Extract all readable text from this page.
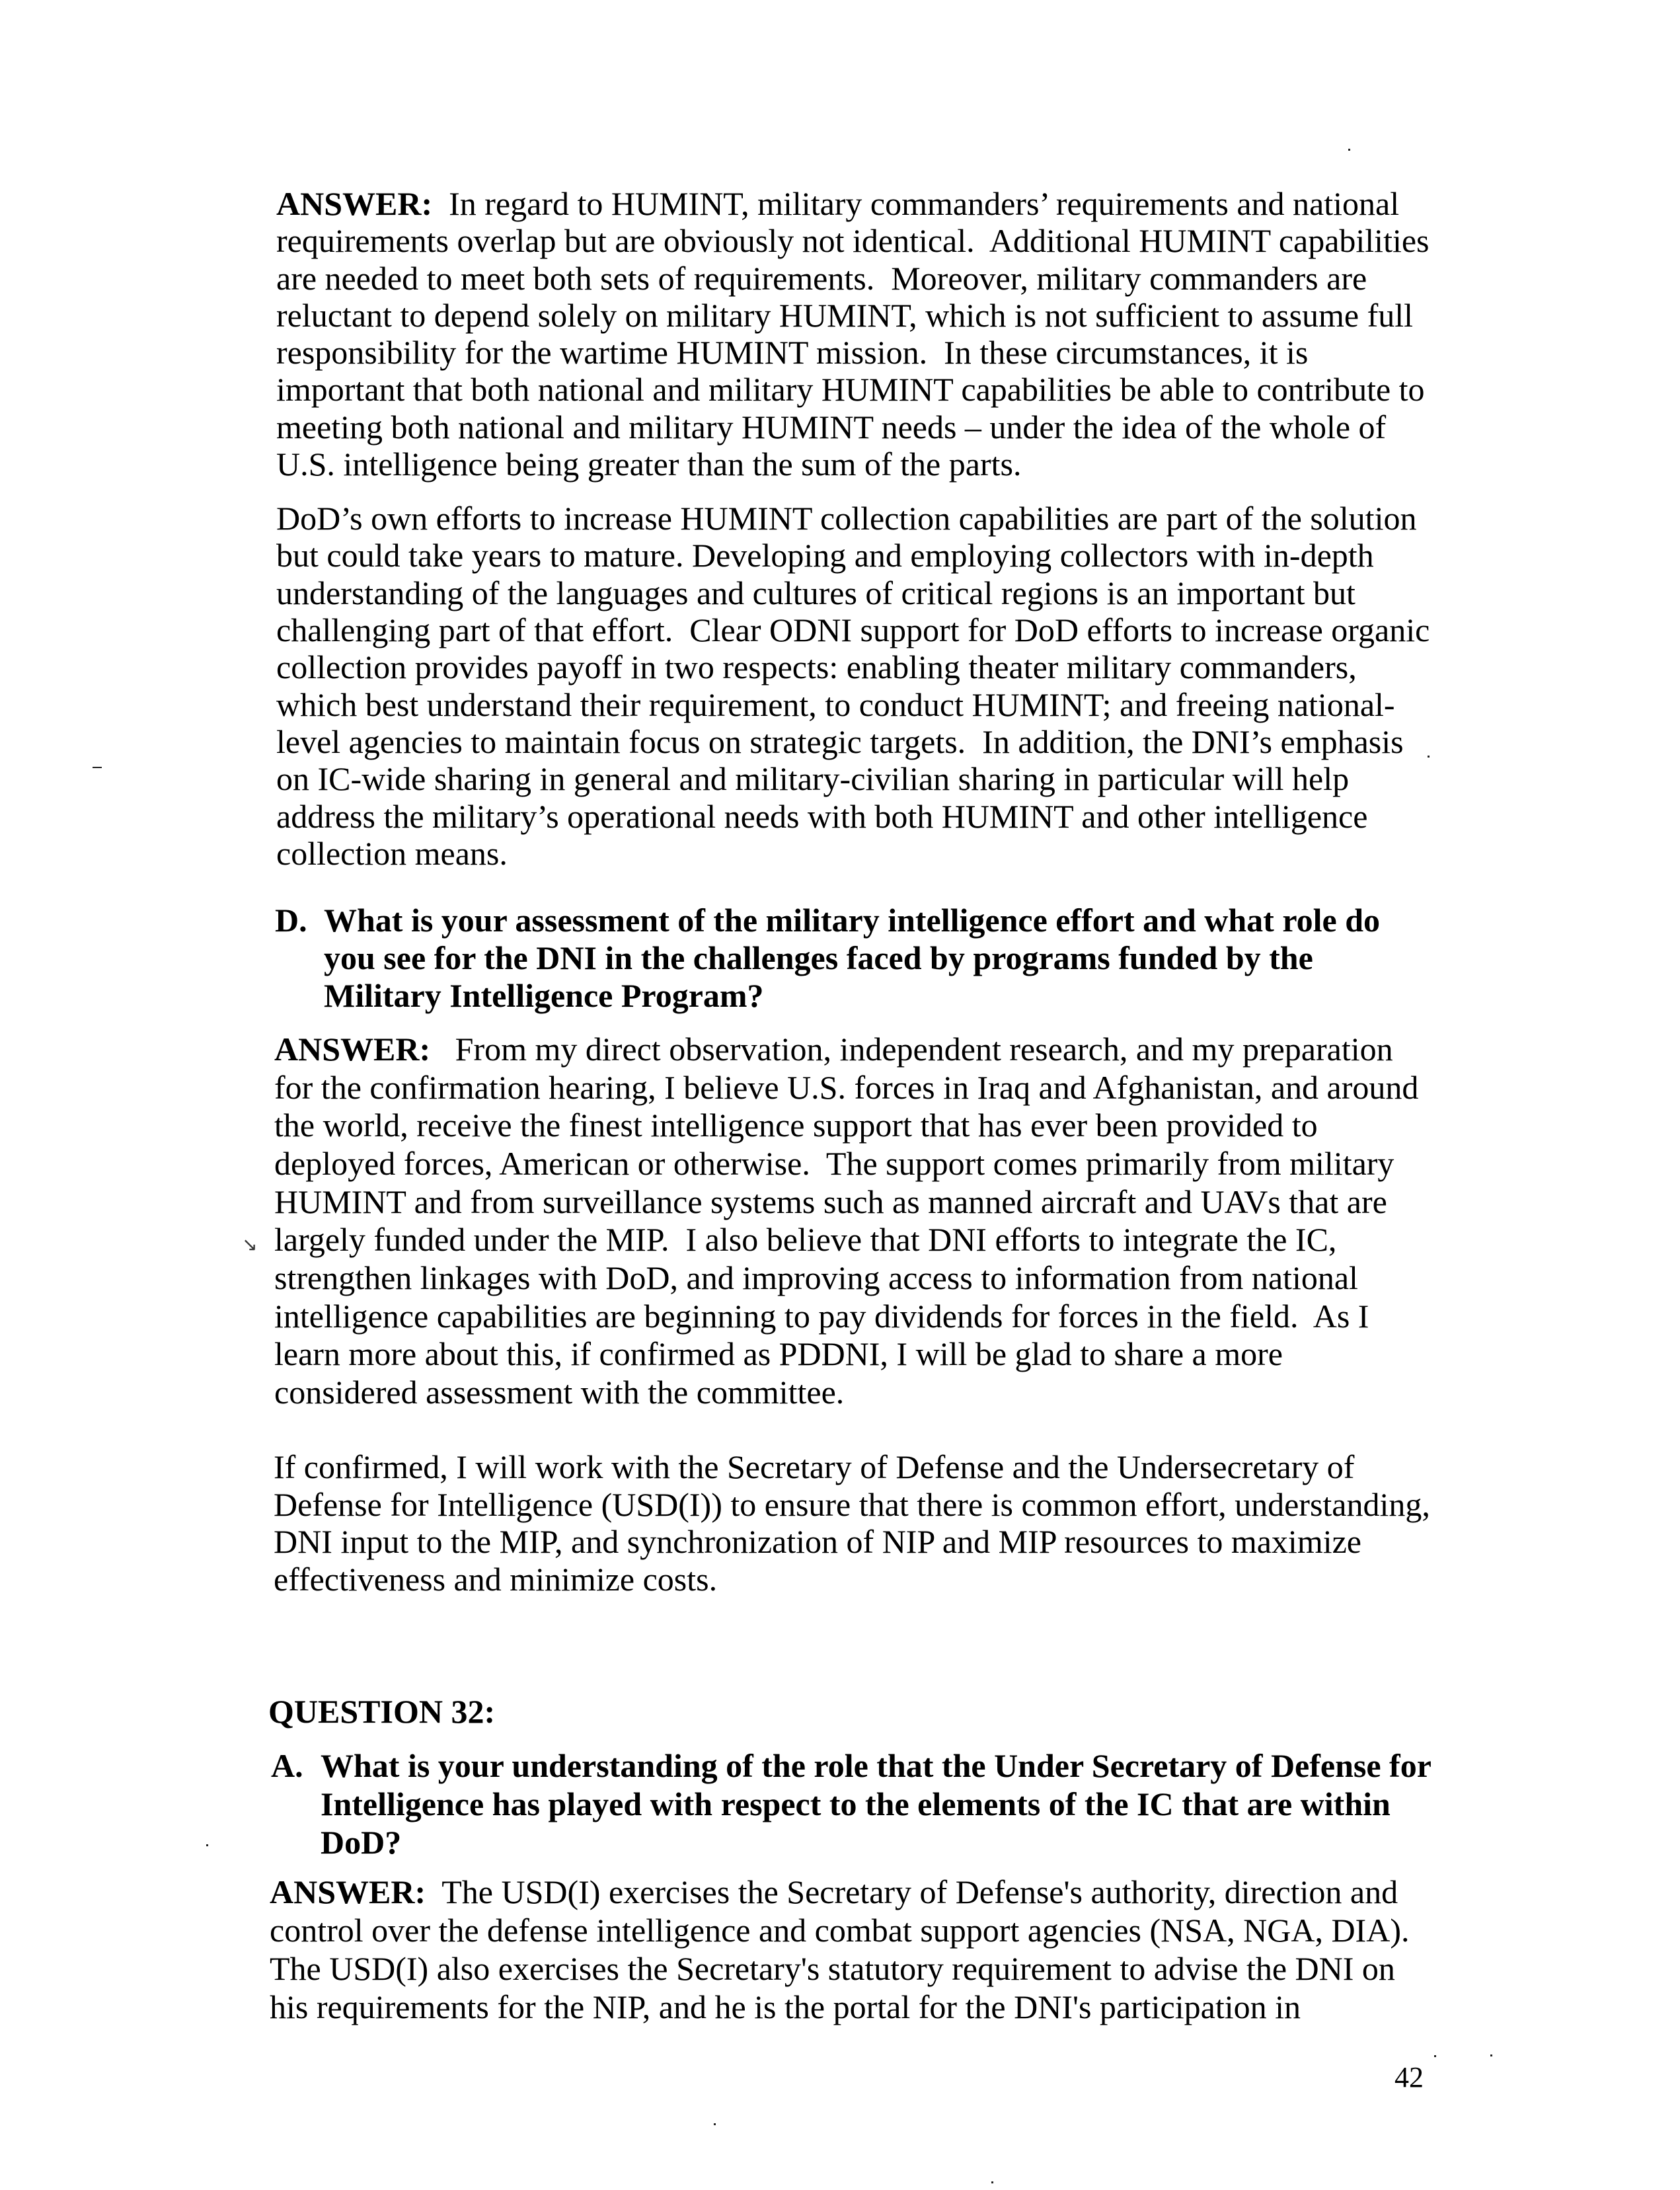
ANSWER: In regard to HUMINT, military commanders’ requirements and national
requirements overlap but are obviously not identical.  Additional HUMINT capabilities
are needed to meet both sets of requirements.  Moreover, military commanders are
reluctant to depend solely on military HUMINT, which is not sufficient to assume full
responsibility for the wartime HUMINT mission.  In these circumstances, it is
important that both national and military HUMINT capabilities be able to contribute to
meeting both national and military HUMINT needs – under the idea of the whole of
U.S. intelligence being greater than the sum of the parts.
DoD’s own efforts to increase HUMINT collection capabilities are part of the solution
but could take years to mature. Developing and employing collectors with in-depth
understanding of the languages and cultures of critical regions is an important but
challenging part of that effort.  Clear ODNI support for DoD efforts to increase organic
collection provides payoff in two respects: enabling theater military commanders,
which best understand their requirement, to conduct HUMINT; and freeing national-
level agencies to maintain focus on strategic targets.  In addition, the DNI’s emphasis
on IC-wide sharing in general and military-civilian sharing in particular will help
address the military’s operational needs with both HUMINT and other intelligence
collection means.
D. What is your assessment of the military intelligence effort and what role do
you see for the DNI in the challenges faced by programs funded by the
Military Intelligence Program?
ANSWER:   From my direct observation, independent research, and my preparation
for the confirmation hearing, I believe U.S. forces in Iraq and Afghanistan, and around
the world, receive the finest intelligence support that has ever been provided to
deployed forces, American or otherwise.  The support comes primarily from military
HUMINT and from surveillance systems such as manned aircraft and UAVs that are
largely funded under the MIP.  I also believe that DNI efforts to integrate the IC,
strengthen linkages with DoD, and improving access to information from national
intelligence capabilities are beginning to pay dividends for forces in the field.  As I
learn more about this, if confirmed as PDDNI, I will be glad to share a more
considered assessment with the committee.
If confirmed, I will work with the Secretary of Defense and the Undersecretary of
Defense for Intelligence (USD(I)) to ensure that there is common effort, understanding,
DNI input to the MIP, and synchronization of NIP and MIP resources to maximize
effectiveness and minimize costs.
QUESTION 32:
A. What is your understanding of the role that the Under Secretary of Defense for
Intelligence has played with respect to the elements of the IC that are within
DoD?
ANSWER: The USD(I) exercises the Secretary of Defense's authority, direction and
control over the defense intelligence and combat support agencies (NSA, NGA, DIA).
The USD(I) also exercises the Secretary's statutory requirement to advise the DNI on
his requirements for the NIP, and he is the portal for the DNI's participation in
42
↘
